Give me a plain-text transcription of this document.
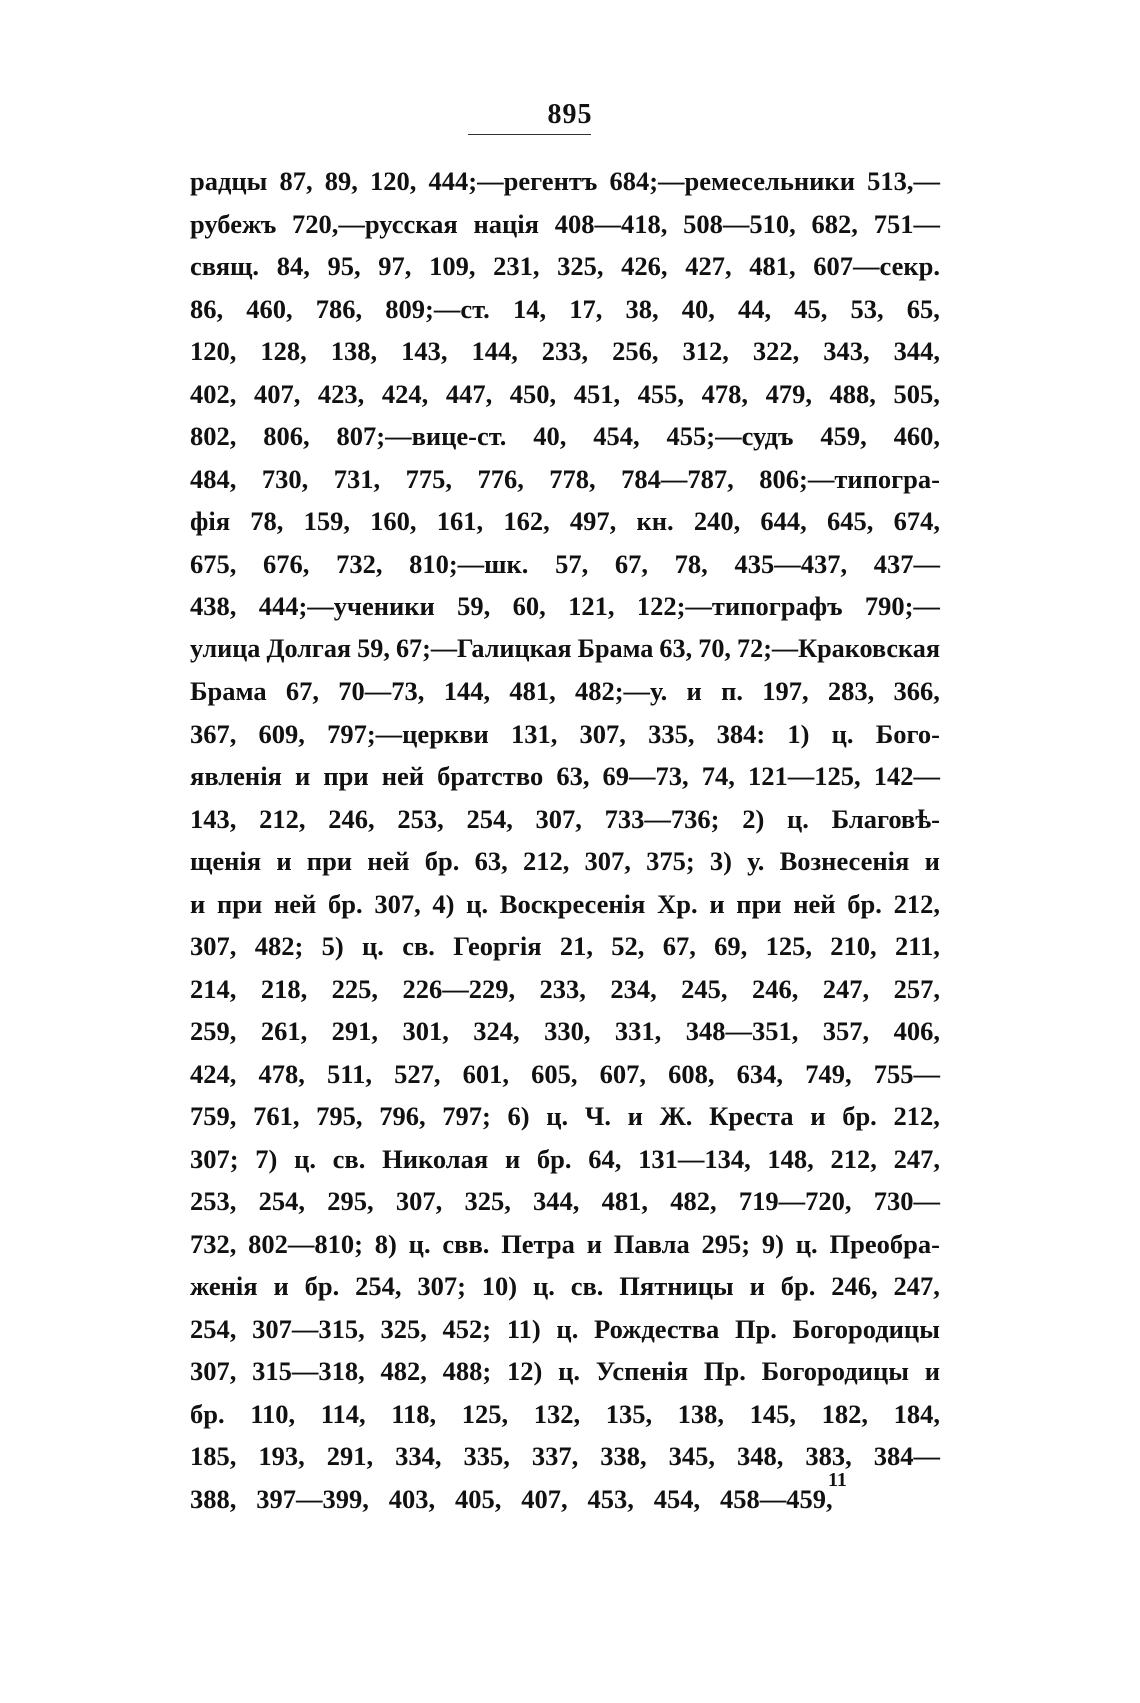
895
радцы 87, 89, 120, 444;—регентъ 684;—ремесельники 513,—
рубежъ 720,—русская нація 408—418, 508—510, 682, 751—
свящ. 84, 95, 97, 109, 231, 325, 426, 427, 481, 607—секр.
86, 460, 786, 809;—ст. 14, 17, 38, 40, 44, 45, 53, 65,
120, 128, 138, 143, 144, 233, 256, 312, 322, 343, 344,
402, 407, 423, 424, 447, 450, 451, 455, 478, 479, 488, 505,
802, 806, 807;—вице-ст. 40, 454, 455;—судъ 459, 460,
484, 730, 731, 775, 776, 778, 784—787, 806;—типогра-
фія 78, 159, 160, 161, 162, 497, кн. 240, 644, 645, 674,
675, 676, 732, 810;—шк. 57, 67, 78, 435—437, 437—
438, 444;—ученики 59, 60, 121, 122;—типографъ 790;—
улица Долгая 59, 67;—Галицкая Брама 63, 70, 72;—Краковская
Брама 67, 70—73, 144, 481, 482;—у. и п. 197, 283, 366,
367, 609, 797;—церкви 131, 307, 335, 384: 1) ц. Бого-
явленія и при ней братство 63, 69—73, 74, 121—125, 142—
143, 212, 246, 253, 254, 307, 733—736; 2) ц. Благовѣ-
щенія и при ней бр. 63, 212, 307, 375; 3) у. Вознесенія и
и при ней бр. 307, 4) ц. Воскресенія Хр. и при ней бр. 212,
307, 482; 5) ц. св. Георгія 21, 52, 67, 69, 125, 210, 211,
214, 218, 225, 226—229, 233, 234, 245, 246, 247, 257,
259, 261, 291, 301, 324, 330, 331, 348—351, 357, 406,
424, 478, 511, 527, 601, 605, 607, 608, 634, 749, 755—
759, 761, 795, 796, 797; 6) ц. Ч. и Ж. Креста и бр. 212,
307; 7) ц. св. Николая и бр. 64, 131—134, 148, 212, 247,
253, 254, 295, 307, 325, 344, 481, 482, 719—720, 730—
732, 802—810; 8) ц. свв. Петра и Павла 295; 9) ц. Преобра-
женія и бр. 254, 307; 10) ц. св. Пятницы и бр. 246, 247,
254, 307—315, 325, 452; 11) ц. Рождества Пр. Богородицы
307, 315—318, 482, 488; 12) ц. Успенія Пр. Богородицы и
бр. 110, 114, 118, 125, 132, 135, 138, 145, 182, 184,
185, 193, 291, 334, 335, 337, 338, 345, 348, 383, 384—
388, 397—399, 403, 405, 407, 453, 454, 458—459,
11
